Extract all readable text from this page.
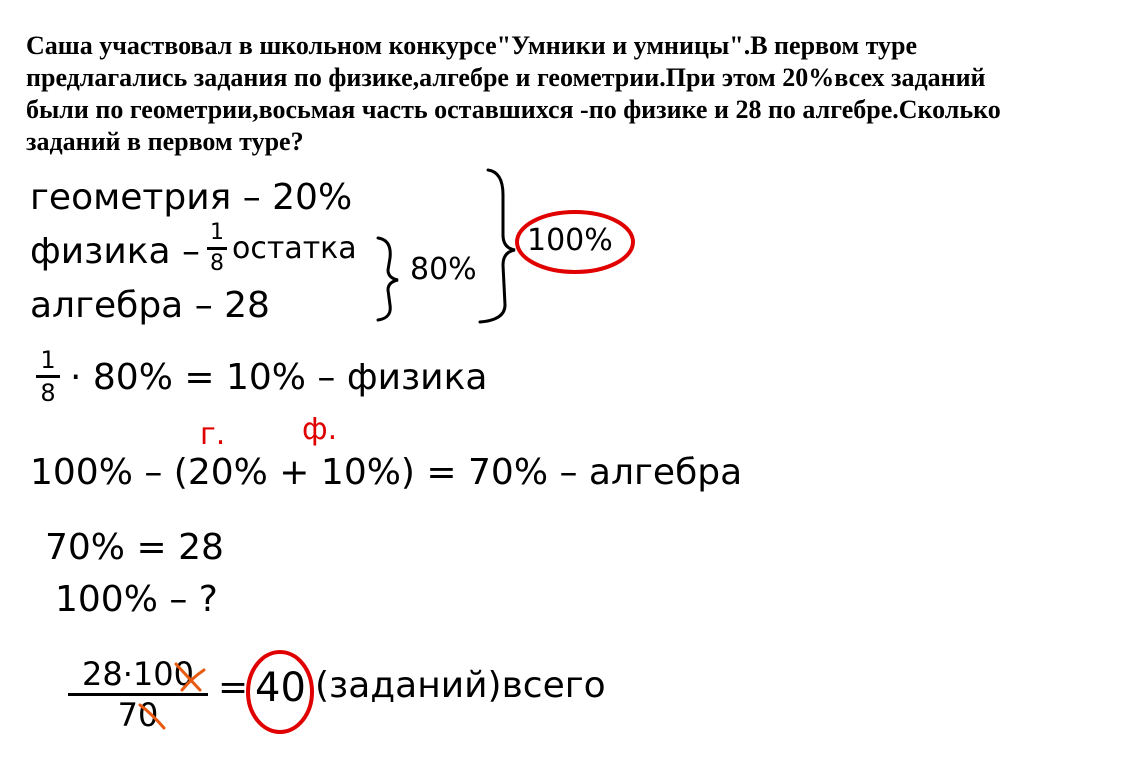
Саша участвовал в школьном конкурсе"Умники и умницы".В первом туре
предлагались задания по физике,алгебре и геометрии.При этом 20%всех заданий
были по геометрии,восьмая часть оставшихся -по физике и 28 по алгебре.Сколько
заданий в первом туре?

геометрия – 20%
физика – 1
8 остатка
алгебра – 28
80%
100%
1
8 · 80% = 10% – физика
г.	ф.
100% – (20% + 10%) = 70% – алгебра
70% = 28
100% – ?
28·100
70
= 40 (заданий)всего
